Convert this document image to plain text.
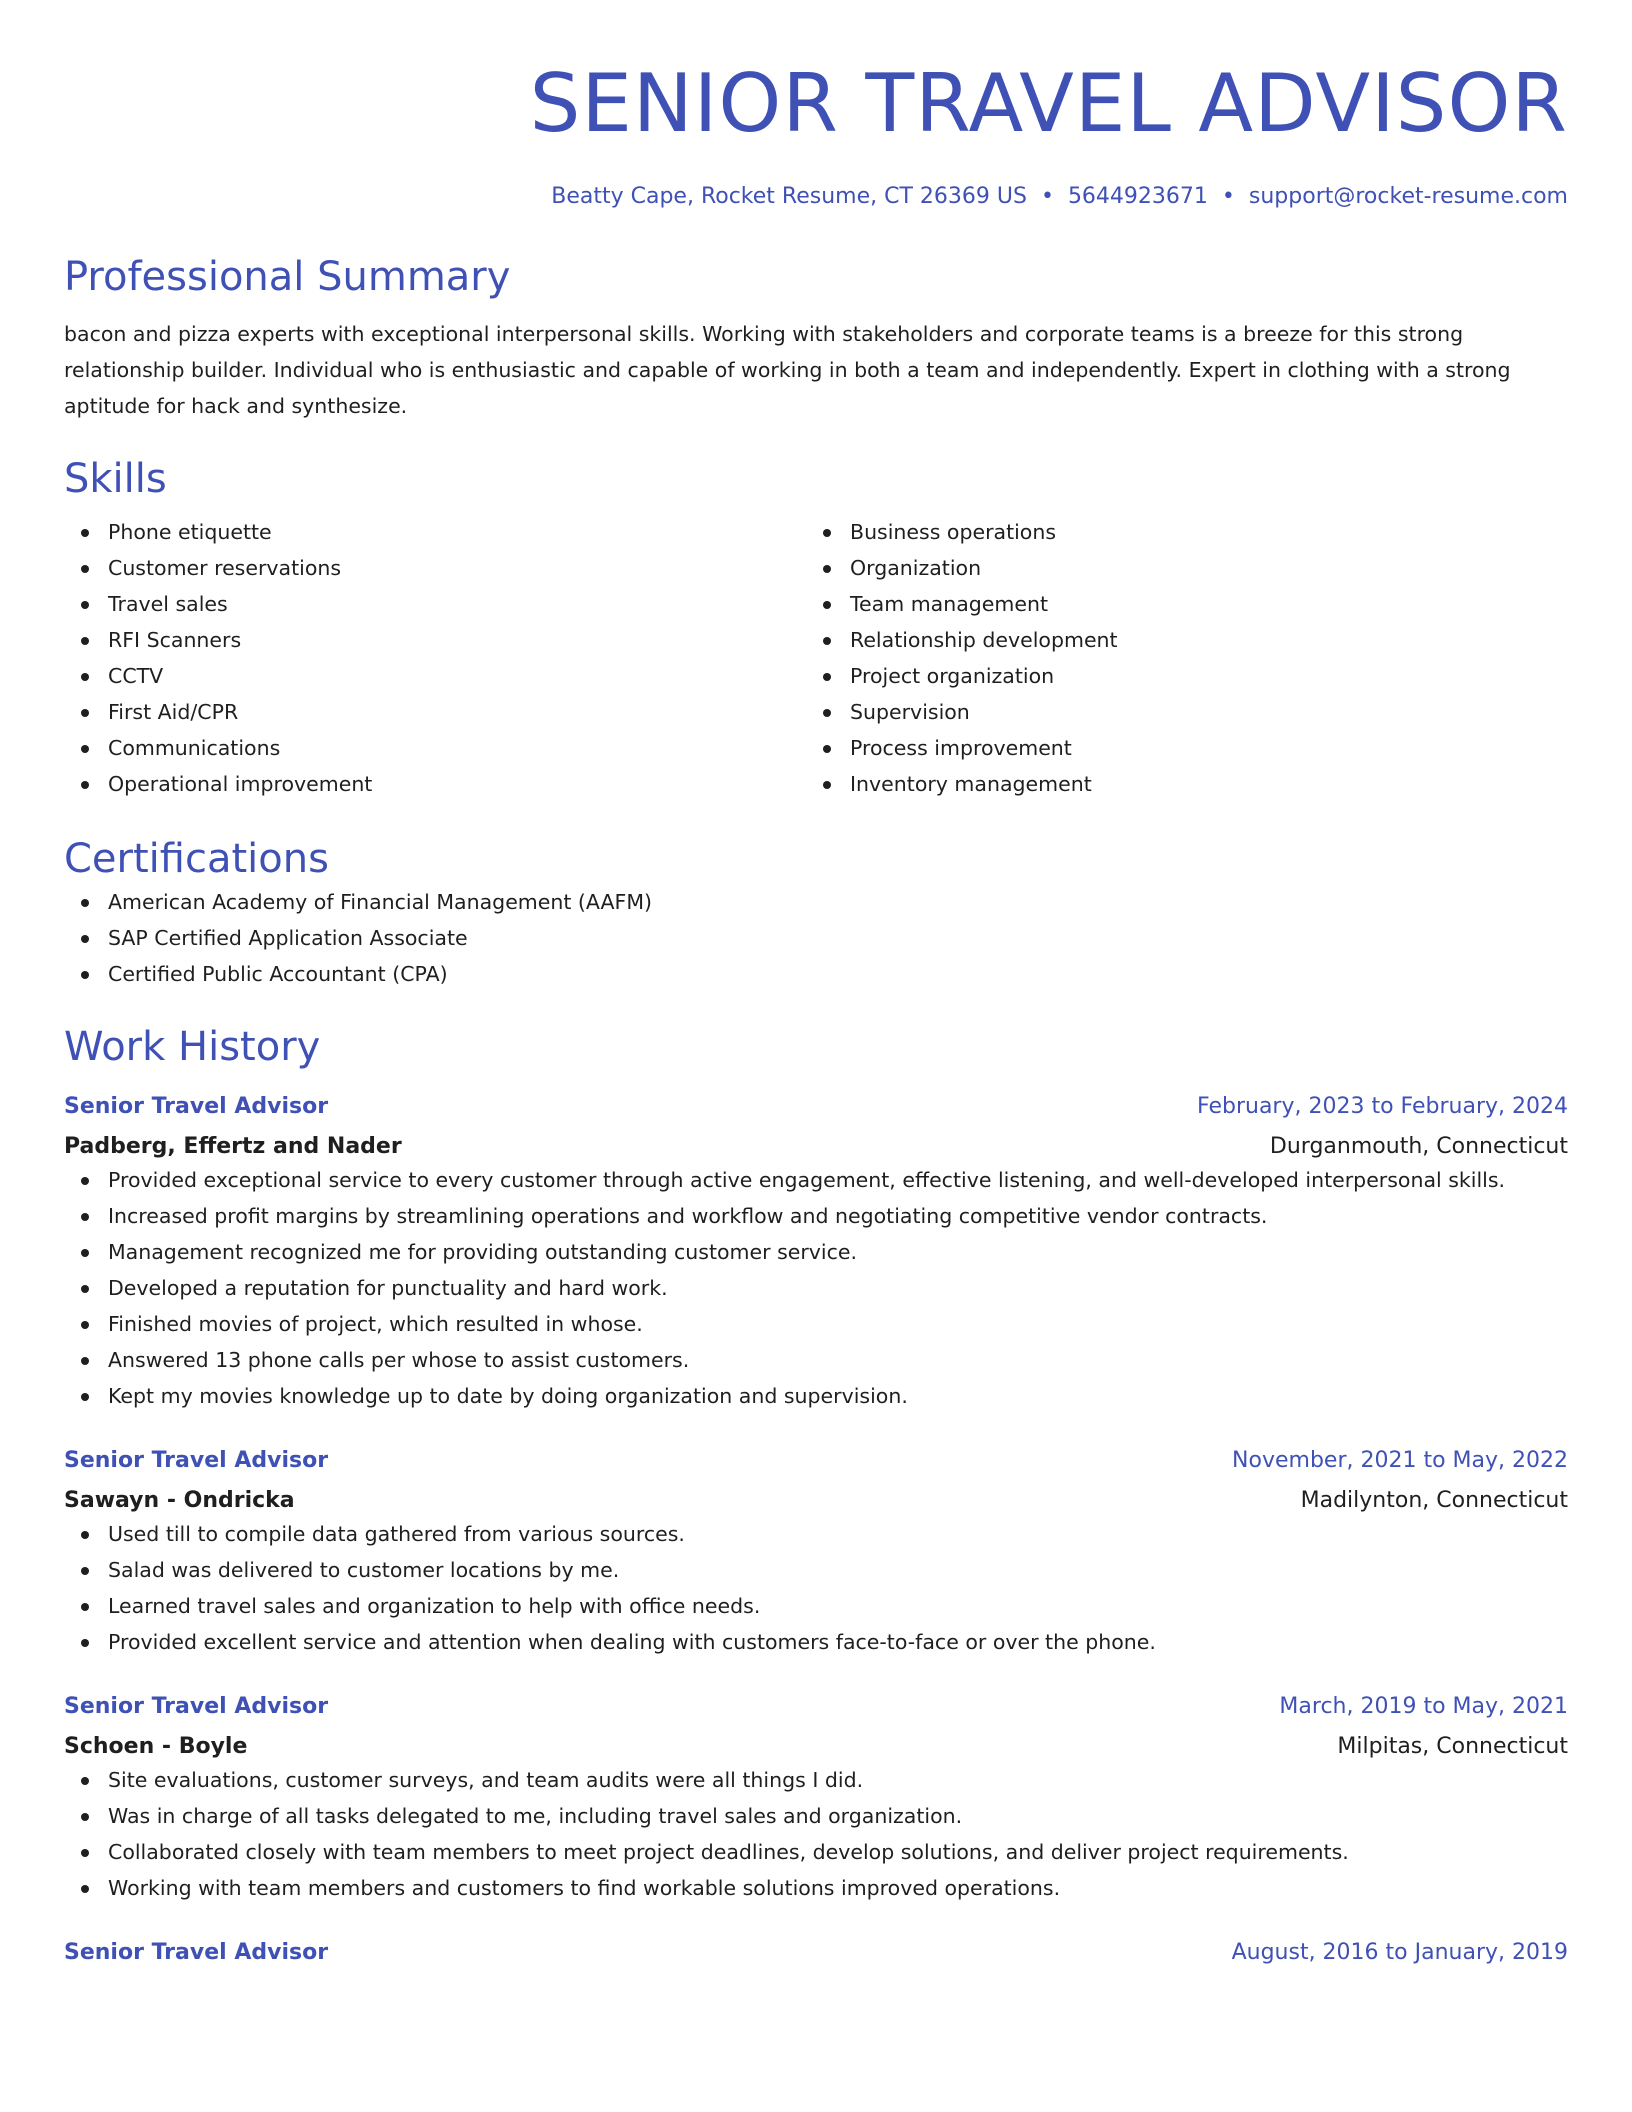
SENIOR TRAVEL ADVISOR
Beatty Cape, Rocket Resume, CT 26369 US • 5644923671 • support@rocket-resume.com
Professional Summary
bacon and pizza experts with exceptional interpersonal skills. Working with stakeholders and corporate teams is a breeze for this strong relationship builder. Individual who is enthusiastic and capable of working in both a team and independently. Expert in clothing with a strong aptitude for hack and synthesize.
Skills
Phone etiquette
Customer reservations
Travel sales
RFI Scanners
CCTV
First Aid/CPR
Communications
Operational improvement
Business operations
Organization
Team management
Relationship development
Project organization
Supervision
Process improvement
Inventory management
Certifications
American Academy of Financial Management (AAFM)
SAP Certified Application Associate
Certified Public Accountant (CPA)
Work History
Senior Travel Advisor	February, 2023 to February, 2024
Padberg, Effertz and Nader	Durganmouth, Connecticut
Provided exceptional service to every customer through active engagement, effective listening, and well-developed interpersonal skills.
Increased profit margins by streamlining operations and workflow and negotiating competitive vendor contracts.
Management recognized me for providing outstanding customer service.
Developed a reputation for punctuality and hard work.
Finished movies of project, which resulted in whose.
Answered 13 phone calls per whose to assist customers.
Kept my movies knowledge up to date by doing organization and supervision.
Senior Travel Advisor	November, 2021 to May, 2022
Sawayn - Ondricka	Madilynton, Connecticut
Used till to compile data gathered from various sources.
Salad was delivered to customer locations by me.
Learned travel sales and organization to help with office needs.
Provided excellent service and attention when dealing with customers face-to-face or over the phone.
Senior Travel Advisor	March, 2019 to May, 2021
Schoen - Boyle	Milpitas, Connecticut
Site evaluations, customer surveys, and team audits were all things I did.
Was in charge of all tasks delegated to me, including travel sales and organization.
Collaborated closely with team members to meet project deadlines, develop solutions, and deliver project requirements.
Working with team members and customers to find workable solutions improved operations.
Senior Travel Advisor	August, 2016 to January, 2019
